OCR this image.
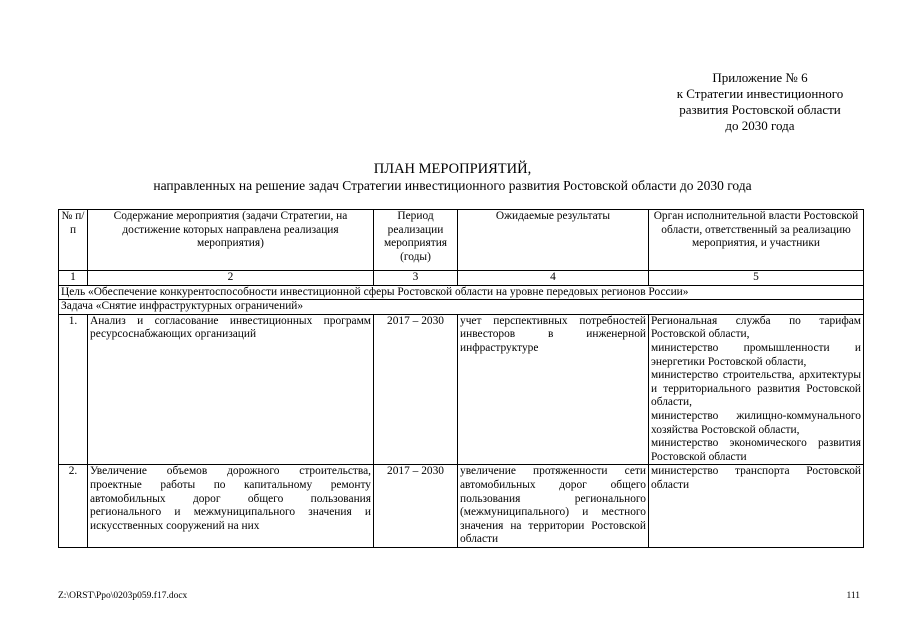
Приложение № 6
к Стратегии инвестиционного
развития Ростовской области
до 2030 года
ПЛАН МЕРОПРИЯТИЙ,
направленных на решение задач Стратегии инвестиционного развития Ростовской области до 2030 года
№ п/п	Содержание мероприятия (задачи Стратегии, на достижение которых направлена реализация мероприятия)	Период реализации мероприятия (годы)	Ожидаемые результаты	Орган исполнительной власти Ростовской области, ответственный за реализацию мероприятия, и участники
1	2	3	4	5
Цель «Обеспечение конкурентоспособности инвестиционной сферы Ростовской области на уровне передовых регионов России»				
Задача «Снятие инфраструктурных ограничений»				
1.	Анализ и согласование инвестиционных программ ресурсоснабжающих организаций	2017 – 2030	учет перспективных потребностей инвесторов в инженерной инфраструктуре	Региональная служба по тарифам Ростовской области,
министерство промышленности и энергетики Ростовской области,
министерство строительства, архитектуры и территориального развития Ростовской области,
министерство жилищно-коммунального хозяйства Ростовской области,
министерство экономического развития Ростовской области

2.	Увеличение объемов дорожного строительства, проектные работы по капитальному ремонту автомобильных дорог общего пользования регионального и межмуниципального значения и искусственных сооружений на них	2017 – 2030	увеличение протяженности сети автомобильных дорог общего пользования регионального (межмуниципального) и местного значения на территории Ростовской области	министерство транспорта Ростовской области
Z:\ORST\Ppo\0203p059.f17.docx	111
